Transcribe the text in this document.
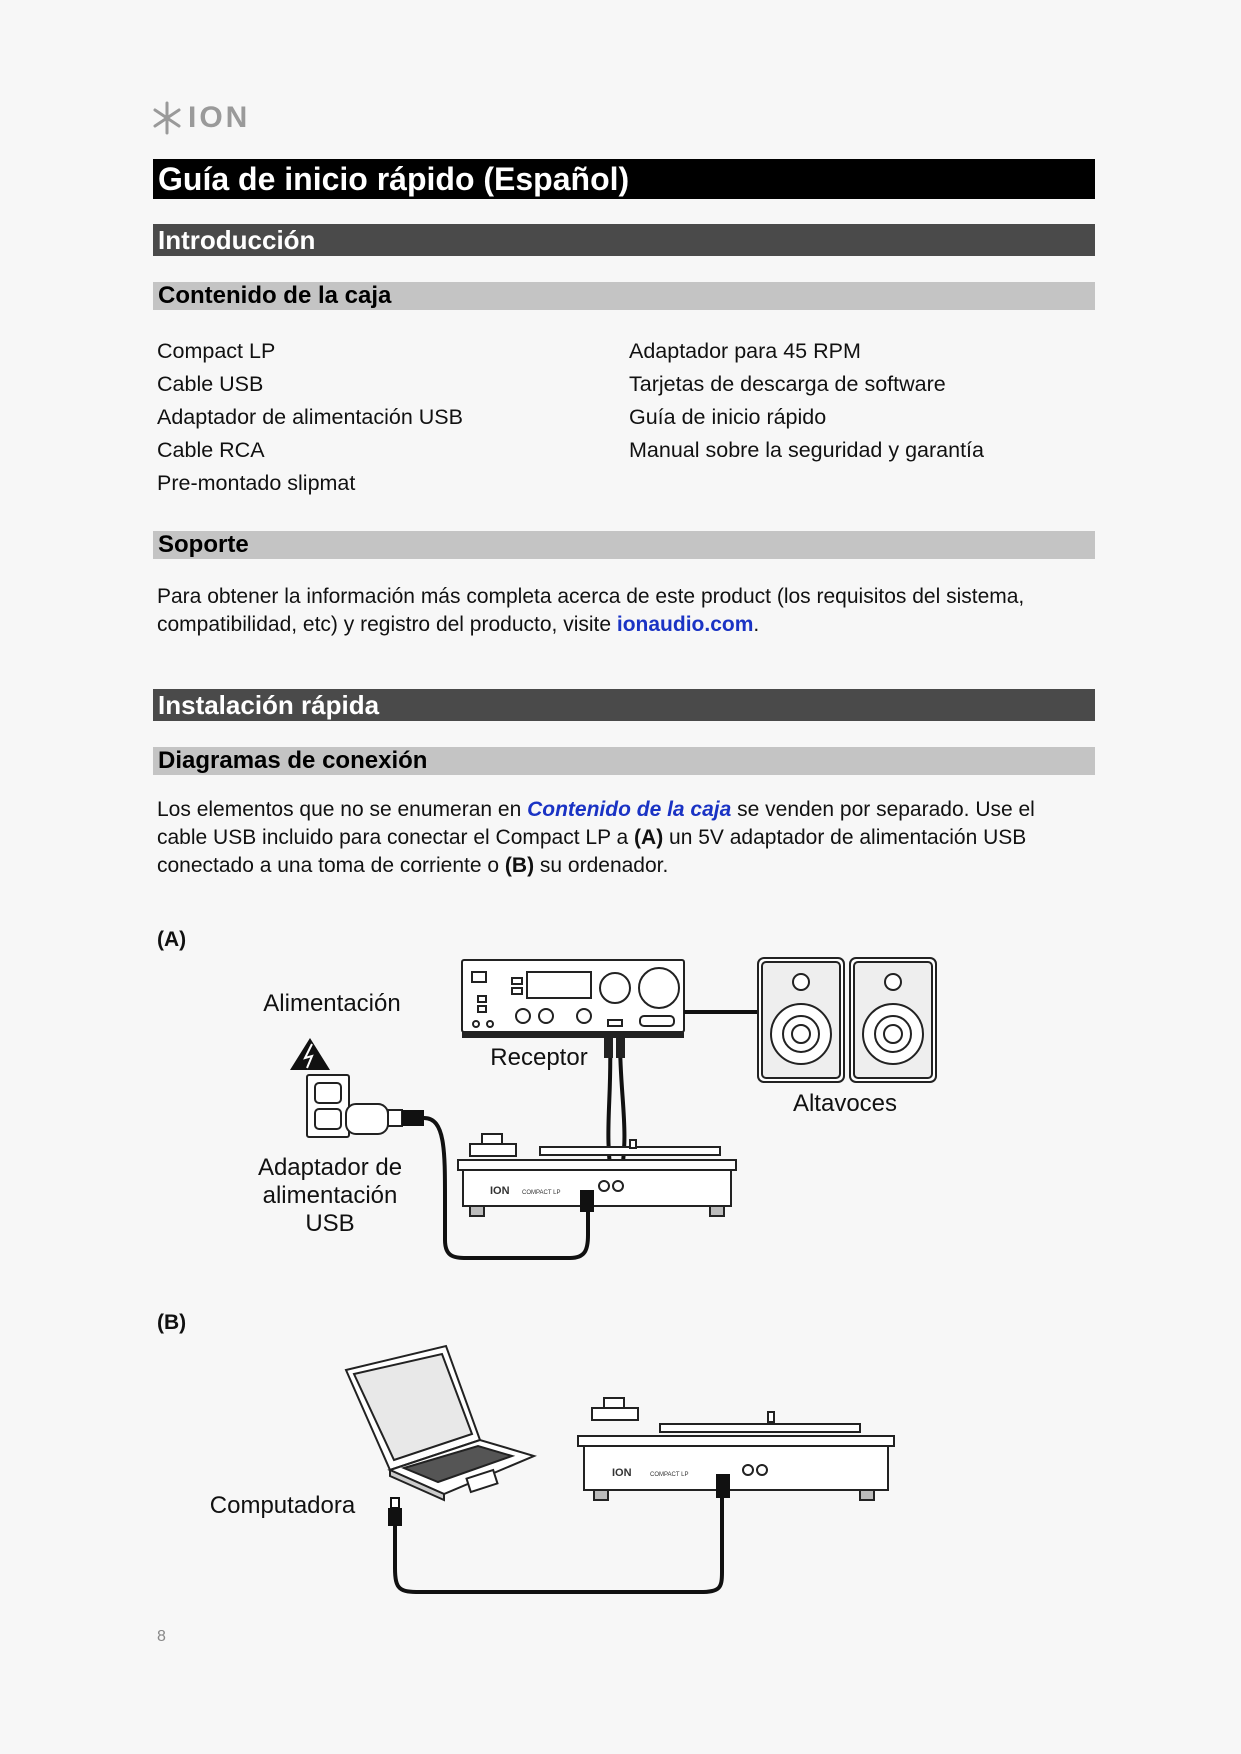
ION
Guía de inicio rápido (Español)
Introducción
Contenido de la caja
Compact LP
Cable USB
Adaptador de alimentación USB
Cable RCA
Pre-montado slipmat
Adaptador para 45 RPM
Tarjetas de descarga de software
Guía de inicio rápido
Manual sobre la seguridad y garantía
Soporte
Para obtener la información más completa acerca de este product (los requisitos del sistema, compatibilidad, etc) y registro del producto, visite ionaudio.com.
Instalación rápida
Diagramas de conexión
Los elementos que no se enumeran en Contenido de la caja se venden por separado. Use el cable USB incluido para conectar el Compact LP a (A) un 5V adaptador de alimentación USB conectado a una toma de corriente o (B) su ordenador.
(A)
(B)
ION COMPACT LP
ION	COMPACT LP
Alimentación
Receptor
Altavoces
Adaptador de alimentación USB
Computadora
8
